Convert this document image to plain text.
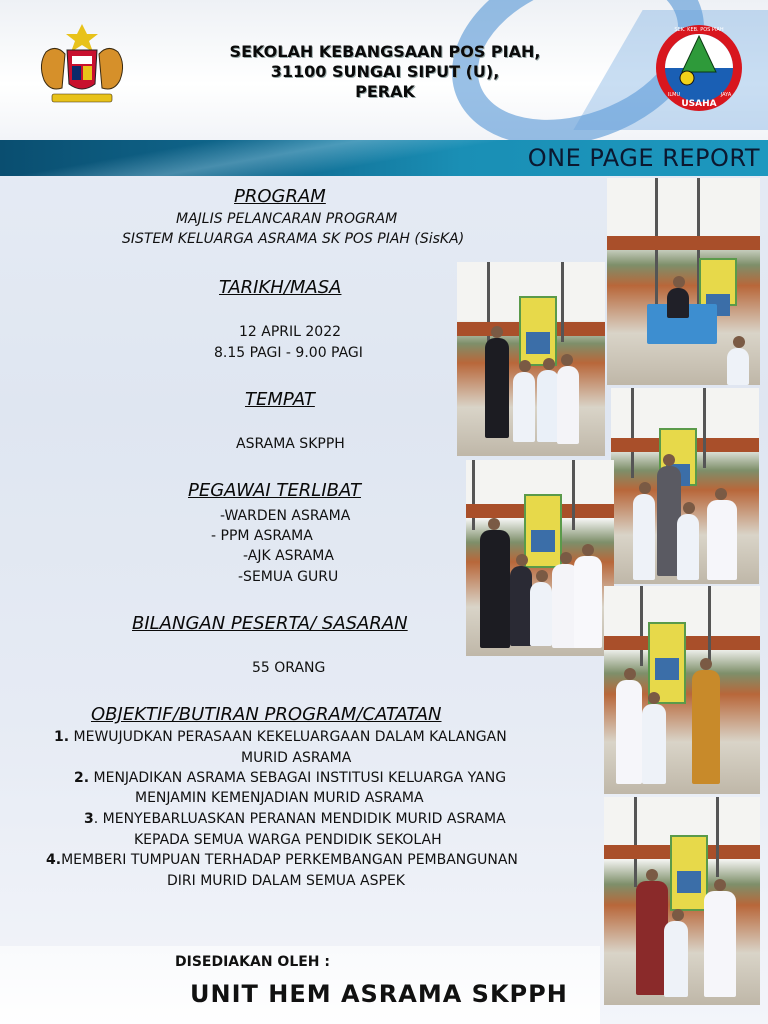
SEKOLAH KEBANGSAAN POS PIAH,
31100 SUNGAI SIPUT (U),
PERAK
SEK. KEB. POS PIAH
USAHA
ILMU	JAYA
ONE PAGE REPORT
PROGRAM
MAJLIS PELANCARAN PROGRAM
SISTEM KELUARGA ASRAMA SK POS PIAH (SisKA)
TARIKH/MASA
12 APRIL 2022
8.15 PAGI - 9.00 PAGI
TEMPAT
ASRAMA SKPPH
PEGAWAI TERLIBAT
-WARDEN ASRAMA
- PPM ASRAMA
-AJK ASRAMA
-SEMUA GURU
BILANGAN PESERTA/ SASARAN
55 ORANG
OBJEKTIF/BUTIRAN PROGRAM/CATATAN
1. MEWUJUDKAN PERASAAN KEKELUARGAAN DALAM KALANGAN
MURID ASRAMA
2. MENJADIKAN ASRAMA SEBAGAI INSTITUSI KELUARGA YANG
MENJAMIN KEMENJADIAN MURID ASRAMA
3. MENYEBARLUASKAN PERANAN MENDIDIK MURID ASRAMA
KEPADA SEMUA WARGA PENDIDIK SEKOLAH
4.MEMBERI TUMPUAN TERHADAP PERKEMBANGAN PEMBANGUNAN
DIRI MURID DALAM SEMUA ASPEK
DISEDIAKAN OLEH :
UNIT HEM ASRAMA SKPPH
